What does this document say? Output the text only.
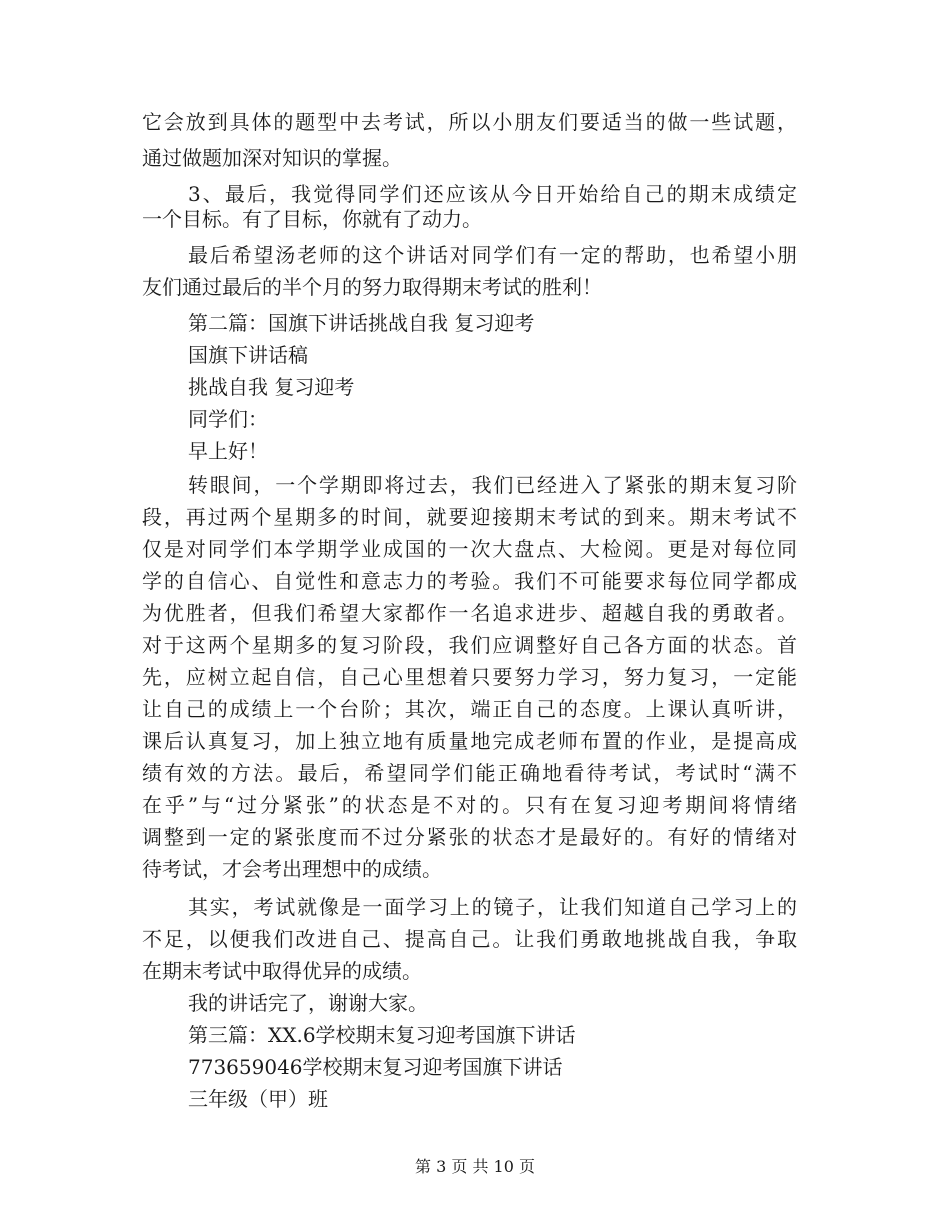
它会放到具体的题型中去考试，所以小朋友们要适当的做一些试题，
通过做题加深对知识的掌握。
3、最后，我觉得同学们还应该从今日开始给自己的期末成绩定
一个目标。有了目标，你就有了动力。
最后希望汤老师的这个讲话对同学们有一定的帮助，也希望小朋
友们通过最后的半个月的努力取得期末考试的胜利！
第二篇：国旗下讲话挑战自我 复习迎考
国旗下讲话稿
挑战自我 复习迎考
同学们：
早上好！
转眼间，一个学期即将过去，我们已经进入了紧张的期末复习阶
段，再过两个星期多的时间，就要迎接期末考试的到来。期末考试不
仅是对同学们本学期学业成国的一次大盘点、大检阅。更是对每位同
学的自信心、自觉性和意志力的考验。我们不可能要求每位同学都成
为优胜者，但我们希望大家都作一名追求进步、超越自我的勇敢者。
对于这两个星期多的复习阶段，我们应调整好自己各方面的状态。首
先，应树立起自信，自己心里想着只要努力学习，努力复习，一定能
让自己的成绩上一个台阶；其次，端正自己的态度。上课认真听讲，
课后认真复习，加上独立地有质量地完成老师布置的作业，是提高成
绩有效的方法。最后，希望同学们能正确地看待考试，考试时“满不
在乎”与“过分紧张”的状态是不对的。只有在复习迎考期间将情绪
调整到一定的紧张度而不过分紧张的状态才是最好的。有好的情绪对
待考试，才会考出理想中的成绩。
其实，考试就像是一面学习上的镜子，让我们知道自己学习上的
不足，以便我们改进自己、提高自己。让我们勇敢地挑战自我，争取
在期末考试中取得优异的成绩。
我的讲话完了，谢谢大家。
第三篇：XX.6学校期末复习迎考国旗下讲话
773659046学校期末复习迎考国旗下讲话
三年级（甲）班
第 3 页 共 10 页
